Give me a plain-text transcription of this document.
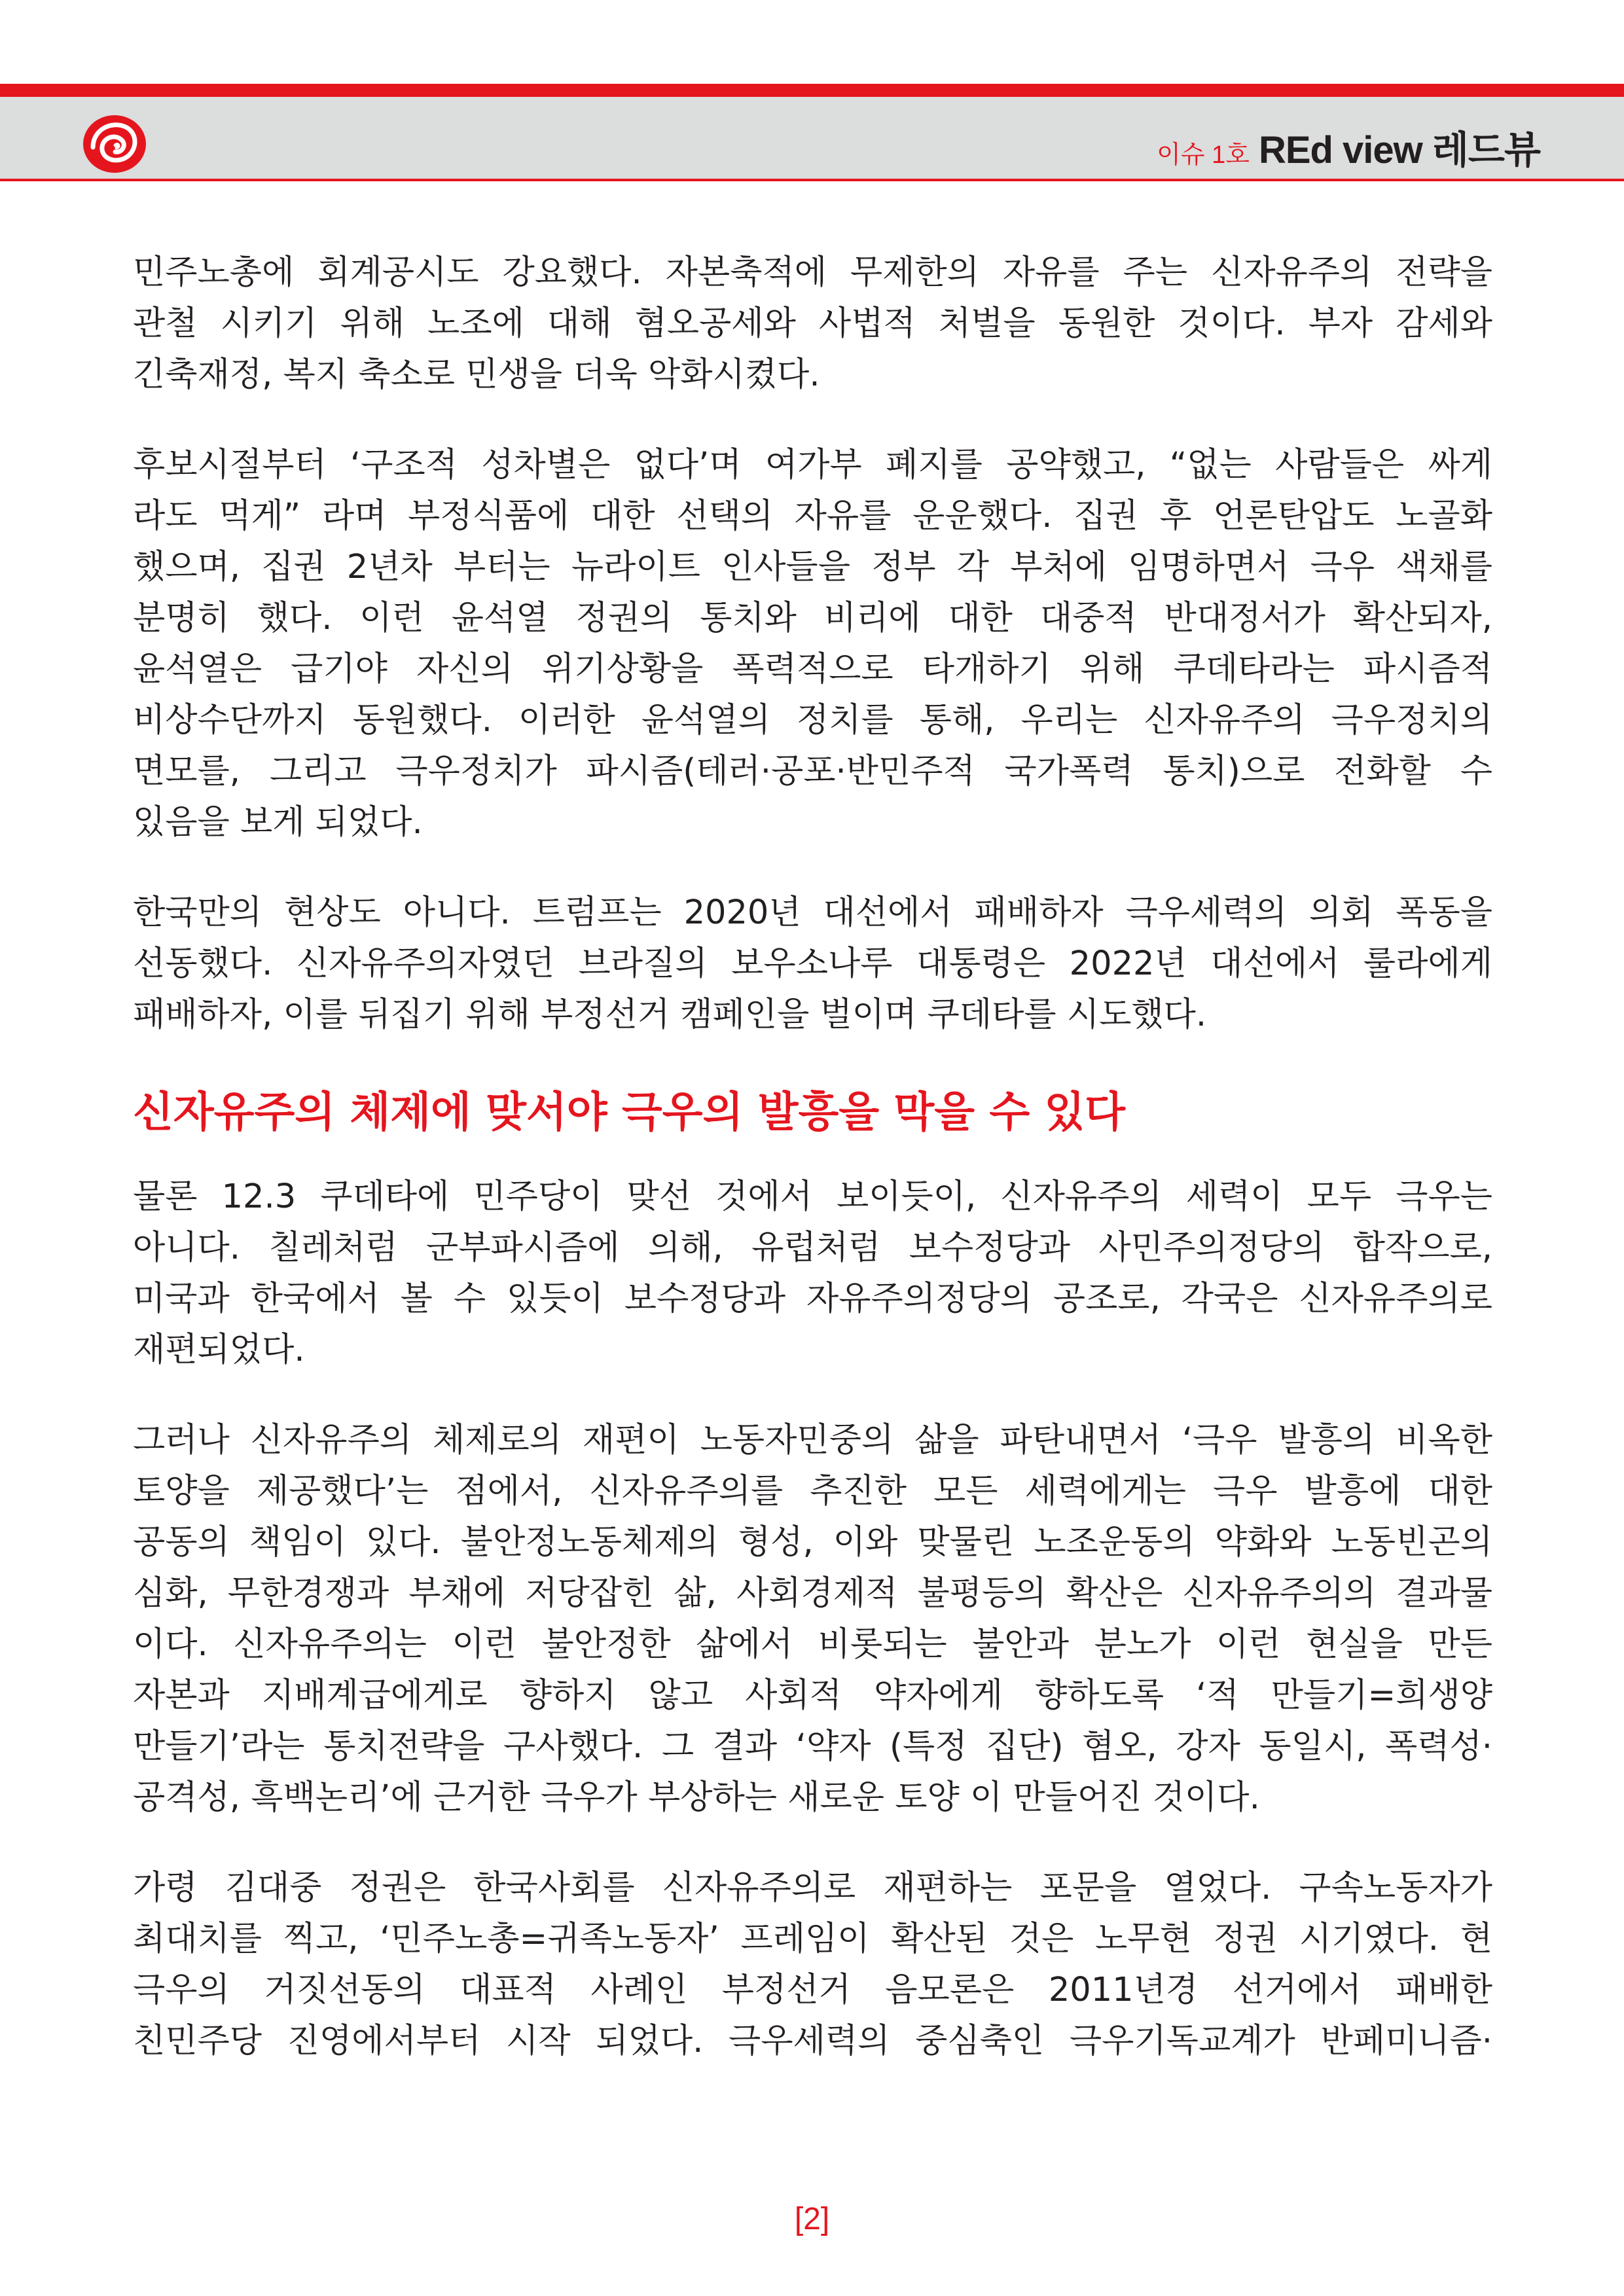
이슈 1호 REd view 레드뷰
민주노총에 회계공시도 강요했다. 자본축적에 무제한의 자유를 주는 신자유주의 전략을
관철 시키기 위해 노조에 대해 혐오공세와 사법적 처벌을 동원한 것이다. 부자 감세와
긴축재정, 복지 축소로 민생을 더욱 악화시켰다.
후보시절부터 ‘구조적 성차별은 없다’며 여가부 폐지를 공약했고, “없는 사람들은 싸게
라도 먹게” 라며 부정식품에 대한 선택의 자유를 운운했다. 집권 후 언론탄압도 노골화
했으며, 집권 2년차 부터는 뉴라이트 인사들을 정부 각 부처에 임명하면서 극우 색채를
분명히 했다. 이런 윤석열 정권의 통치와 비리에 대한 대중적 반대정서가 확산되자,
윤석열은 급기야 자신의 위기상황을 폭력적으로 타개하기 위해 쿠데타라는 파시즘적
비상수단까지 동원했다. 이러한 윤석열의 정치를 통해, 우리는 신자유주의 극우정치의
면모를, 그리고 극우정치가 파시즘(테러·공포·반민주적 국가폭력 통치)으로 전화할 수
있음을 보게 되었다.
한국만의 현상도 아니다. 트럼프는 2020년 대선에서 패배하자 극우세력의 의회 폭동을
선동했다. 신자유주의자였던 브라질의 보우소나루 대통령은 2022년 대선에서 룰라에게
패배하자, 이를 뒤집기 위해 부정선거 캠페인을 벌이며 쿠데타를 시도했다.
신자유주의 체제에 맞서야 극우의 발흥을 막을 수 있다
물론 12.3 쿠데타에 민주당이 맞선 것에서 보이듯이, 신자유주의 세력이 모두 극우는
아니다. 칠레처럼 군부파시즘에 의해, 유럽처럼 보수정당과 사민주의정당의 합작으로,
미국과 한국에서 볼 수 있듯이 보수정당과 자유주의정당의 공조로, 각국은 신자유주의로
재편되었다.
그러나 신자유주의 체제로의 재편이 노동자민중의 삶을 파탄내면서 ‘극우 발흥의 비옥한
토양을 제공했다’는 점에서, 신자유주의를 추진한 모든 세력에게는 극우 발흥에 대한
공동의 책임이 있다. 불안정노동체제의 형성, 이와 맞물린 노조운동의 약화와 노동빈곤의
심화, 무한경쟁과 부채에 저당잡힌 삶, 사회경제적 불평등의 확산은 신자유주의의 결과물
이다. 신자유주의는 이런 불안정한 삶에서 비롯되는 불안과 분노가 이런 현실을 만든
자본과 지배계급에게로 향하지 않고 사회적 약자에게 향하도록 ‘적 만들기=희생양
만들기’라는 통치전략을 구사했다. 그 결과 ‘약자 (특정 집단) 혐오, 강자 동일시, 폭력성·
공격성, 흑백논리’에 근거한 극우가 부상하는 새로운 토양 이 만들어진 것이다.
가령 김대중 정권은 한국사회를 신자유주의로 재편하는 포문을 열었다. 구속노동자가
최대치를 찍고, ‘민주노총=귀족노동자’ 프레임이 확산된 것은 노무현 정권 시기였다. 현
극우의 거짓선동의 대표적 사례인 부정선거 음모론은 2011년경 선거에서 패배한
친민주당 진영에서부터 시작 되었다. 극우세력의 중심축인 극우기독교계가 반페미니즘·
[2]
